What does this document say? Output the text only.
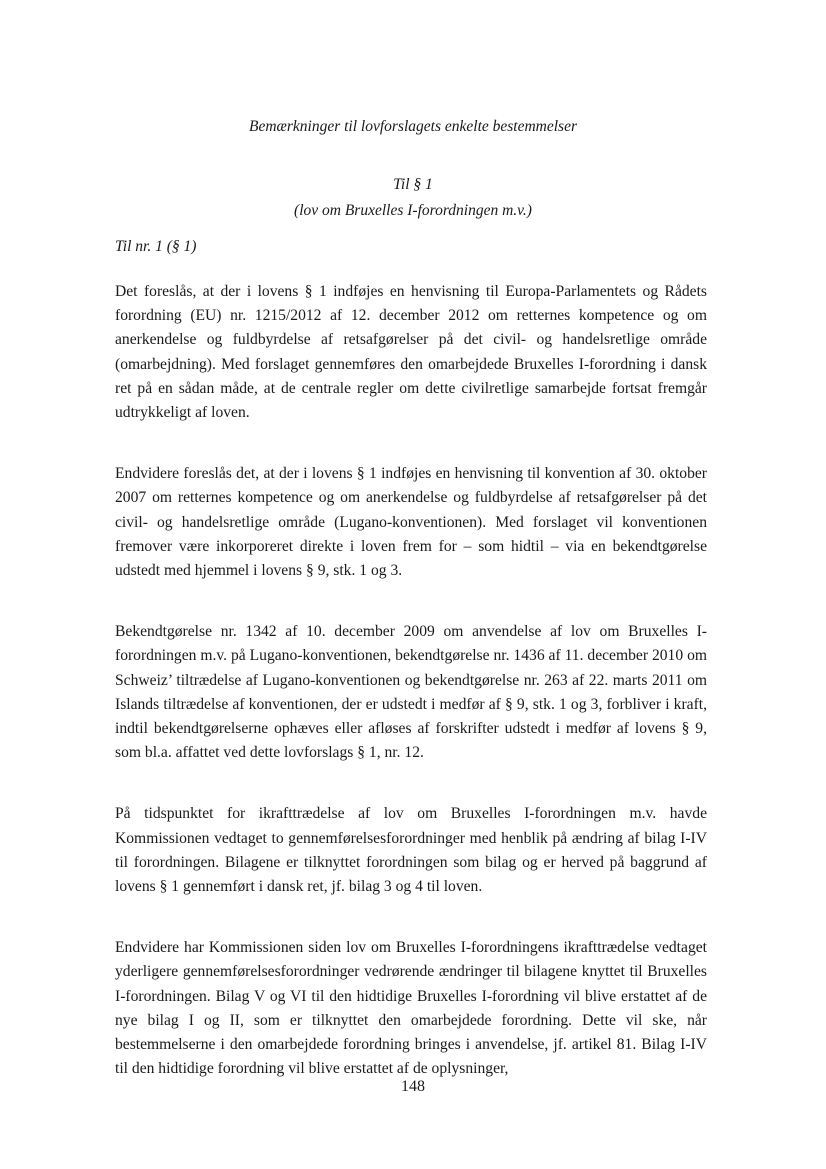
Bemærkninger til lovforslagets enkelte bestemmelser
Til § 1
(lov om Bruxelles I-forordningen m.v.)
Til nr. 1 (§ 1)

Det foreslås, at der i lovens § 1 indføjes en henvisning til Europa-Parlamentets og Rådets forordning (EU) nr. 1215/2012 af 12. december 2012 om retternes kompetence og om anerkendelse og fuldbyrdelse af retsafgørelser på det civil- og handelsretlige område (omarbejdning). Med forslaget gennemføres den omarbejdede Bruxelles I-forordning i dansk ret på en sådan måde, at de centrale regler om dette civilretlige samarbejde fortsat fremgår udtrykkeligt af loven.

Endvidere foreslås det, at der i lovens § 1 indføjes en henvisning til konvention af 30. oktober 2007 om retternes kompetence og om anerkendelse og fuldbyrdelse af retsafgørelser på det civil- og handelsretlige område (Lugano-konventionen). Med forslaget vil konventionen fremover være inkorporeret direkte i loven frem for – som hidtil – via en bekendtgørelse udstedt med hjemmel i lovens § 9, stk. 1 og 3.

Bekendtgørelse nr. 1342 af 10. december 2009 om anvendelse af lov om Bruxelles I-forordningen m.v. på Lugano-konventionen, bekendtgørelse nr. 1436 af 11. december 2010 om Schweiz’ tiltrædelse af Lugano-konventionen og bekendtgørelse nr. 263 af 22. marts 2011 om Islands tiltrædelse af konventionen, der er udstedt i medfør af § 9, stk. 1 og 3, forbliver i kraft, indtil bekendtgørelserne ophæves eller afløses af forskrifter udstedt i medfør af lovens § 9, som bl.a. affattet ved dette lovforslags § 1, nr. 12.

På tidspunktet for ikrafttrædelse af lov om Bruxelles I-forordningen m.v. havde Kommissionen vedtaget to gennemførelsesforordninger med henblik på ændring af bilag I-IV til forordningen. Bilagene er tilknyttet forordningen som bilag og er herved på baggrund af lovens § 1 gennemført i dansk ret, jf. bilag 3 og 4 til loven.

Endvidere har Kommissionen siden lov om Bruxelles I-forordningens ikrafttrædelse vedtaget yderligere gennemførelsesforordninger vedrørende ændringer til bilagene knyttet til Bruxelles I-forordningen. Bilag V og VI til den hidtidige Bruxelles I-forordning vil blive erstattet af de nye bilag I og II, som er tilknyttet den omarbejdede forordning. Dette vil ske, når bestemmelserne i den omarbejdede forordning bringes i anvendelse, jf. artikel 81. Bilag I-IV til den hidtidige forordning vil blive erstattet af de oplysninger,

148
